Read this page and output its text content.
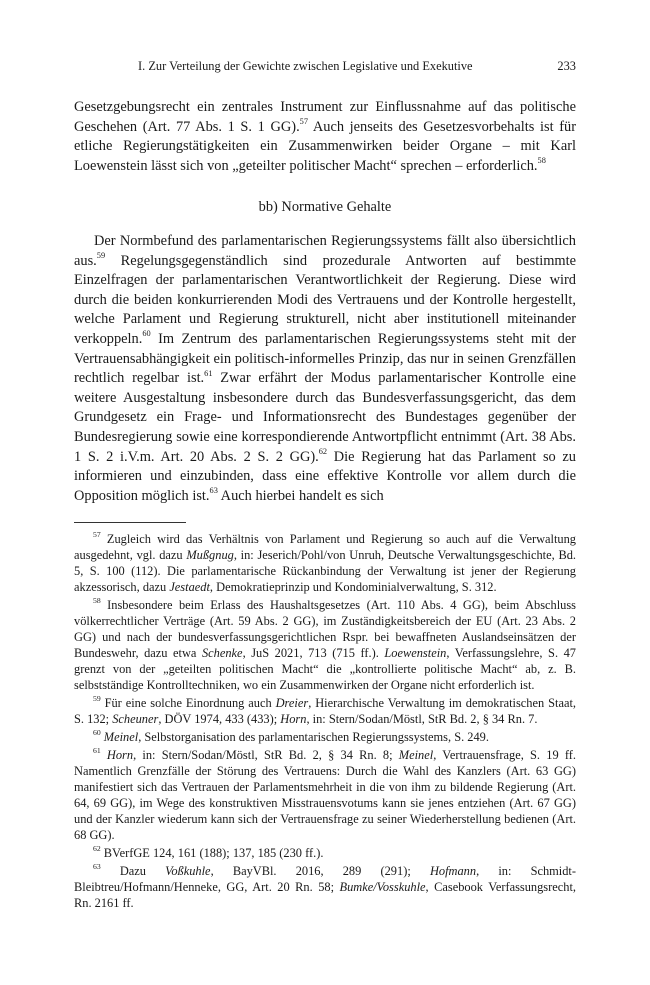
I. Zur Verteilung der Gewichte zwischen Legislative und Exekutive	233

Gesetzgebungsrecht ein zentrales Instrument zur Einflussnahme auf das politische Geschehen (Art. 77 Abs. 1 S. 1 GG).$^{57}$ Auch jenseits des Gesetzesvorbehalts ist für etliche Regierungstätigkeiten ein Zusammenwirken beider Organe – mit Karl Loewenstein lässt sich von „geteilter politischer Macht“ sprechen – erforderlich.$^{58}$

bb) Normative Gehalte

Der Normbefund des parlamentarischen Regierungssystems fällt also übersichtlich aus.$^{59}$ Regelungsgegenständlich sind prozedurale Antworten auf bestimmte Einzelfragen der parlamentarischen Verantwortlichkeit der Regierung. Diese wird durch die beiden konkurrierenden Modi des Vertrauens und der Kontrolle hergestellt, welche Parlament und Regierung strukturell, nicht aber institutionell miteinander verkoppeln.$^{60}$ Im Zentrum des parlamentarischen Regierungssystems steht mit der Vertrauensabhängigkeit ein politisch-informelles Prinzip, das nur in seinen Grenzfällen rechtlich regelbar ist.$^{61}$ Zwar erfährt der Modus parlamentarischer Kontrolle eine weitere Ausgestaltung insbesondere durch das Bundesverfassungsgericht, das dem Grundgesetz ein Frage- und Informationsrecht des Bundestages gegenüber der Bundesregierung sowie eine korrespondierende Antwortpflicht entnimmt (Art. 38 Abs. 1 S. 2 i.V.m. Art. 20 Abs. 2 S. 2 GG).$^{62}$ Die Regierung hat das Parlament so zu informieren und einzubinden, dass eine effektive Kontrolle vor allem durch die Opposition möglich ist.$^{63}$ Auch hierbei handelt es sich

$^{57}$ Zugleich wird das Verhältnis von Parlament und Regierung so auch auf die Verwaltung ausgedehnt, vgl. dazu Mußgnug, in: Jeserich/Pohl/von Unruh, Deutsche Verwaltungsgeschichte, Bd. 5, S. 100 (112). Die parlamentarische Rückanbindung der Verwaltung ist jener der Regierung akzessorisch, dazu Jestaedt, Demokratieprinzip und Kondominialverwaltung, S. 312.

$^{58}$ Insbesondere beim Erlass des Haushaltsgesetzes (Art. 110 Abs. 4 GG), beim Abschluss völkerrechtlicher Verträge (Art. 59 Abs. 2 GG), im Zuständigkeitsbereich der EU (Art. 23 Abs. 2 GG) und nach der bundesverfassungsgerichtlichen Rspr. bei bewaffneten Auslandseinsätzen der Bundeswehr, dazu etwa Schenke, JuS 2021, 713 (715 ff.). Loewenstein, Verfassungslehre, S. 47 grenzt von der „geteilten politischen Macht“ die „kontrollierte politische Macht“ ab, z. B. selbstständige Kontrolltechniken, wo ein Zusammenwirken der Organe nicht erforderlich ist.

$^{59}$ Für eine solche Einordnung auch Dreier, Hierarchische Verwaltung im demokratischen Staat, S. 132; Scheuner, DÖV 1974, 433 (433); Horn, in: Stern/Sodan/Möstl, StR Bd. 2, § 34 Rn. 7.

$^{60}$ Meinel, Selbstorganisation des parlamentarischen Regierungssystems, S. 249.

$^{61}$ Horn, in: Stern/Sodan/Möstl, StR Bd. 2, § 34 Rn. 8; Meinel, Vertrauensfrage, S. 19 ff. Namentlich Grenzfälle der Störung des Vertrauens: Durch die Wahl des Kanzlers (Art. 63 GG) manifestiert sich das Vertrauen der Parlamentsmehrheit in die von ihm zu bildende Regierung (Art. 64, 69 GG), im Wege des konstruktiven Misstrauensvotums kann sie jenes entziehen (Art. 67 GG) und der Kanzler wiederum kann sich der Vertrauensfrage zu seiner Wiederherstellung bedienen (Art. 68 GG).

$^{62}$ BVerfGE 124, 161 (188); 137, 185 (230 ff.).

$^{63}$ Dazu Voßkuhle, BayVBl. 2016, 289 (291); Hofmann, in: Schmidt-Bleibtreu/Hofmann/Henneke, GG, Art. 20 Rn. 58; Bumke/Vosskuhle, Casebook Verfassungsrecht, Rn. 2161 ff.
